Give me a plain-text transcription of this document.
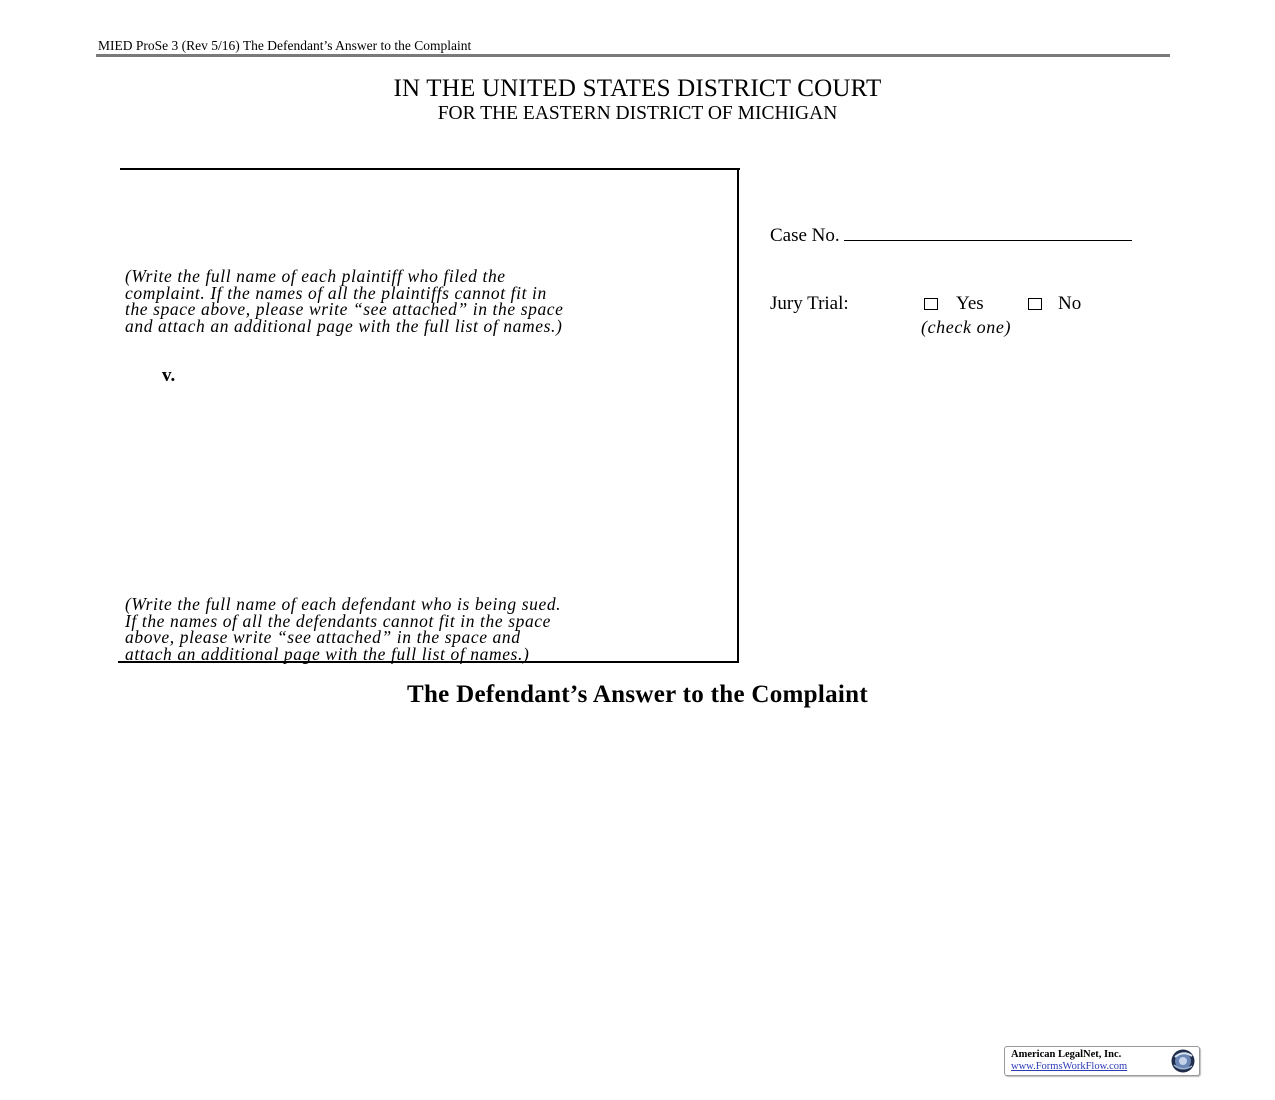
MIED ProSe 3 (Rev 5/16) The Defendant’s Answer to the Complaint
IN THE UNITED STATES DISTRICT COURT
FOR THE EASTERN DISTRICT OF MICHIGAN
(Write the full name of each plaintiff who filed the
complaint. If the names of all the plaintiffs cannot fit in
the space above, please write “see attached” in the space
and attach an additional page with the full list of names.)
v.
(Write the full name of each defendant who is being sued.
If the names of all the defendants cannot fit in the space
above, please write “see attached” in the space and
attach an additional page with the full list of names.)
Case No.
Jury Trial:	Yes	No
(check one)
The Defendant’s Answer to the Complaint
American LegalNet, Inc.
www.FormsWorkFlow.com
